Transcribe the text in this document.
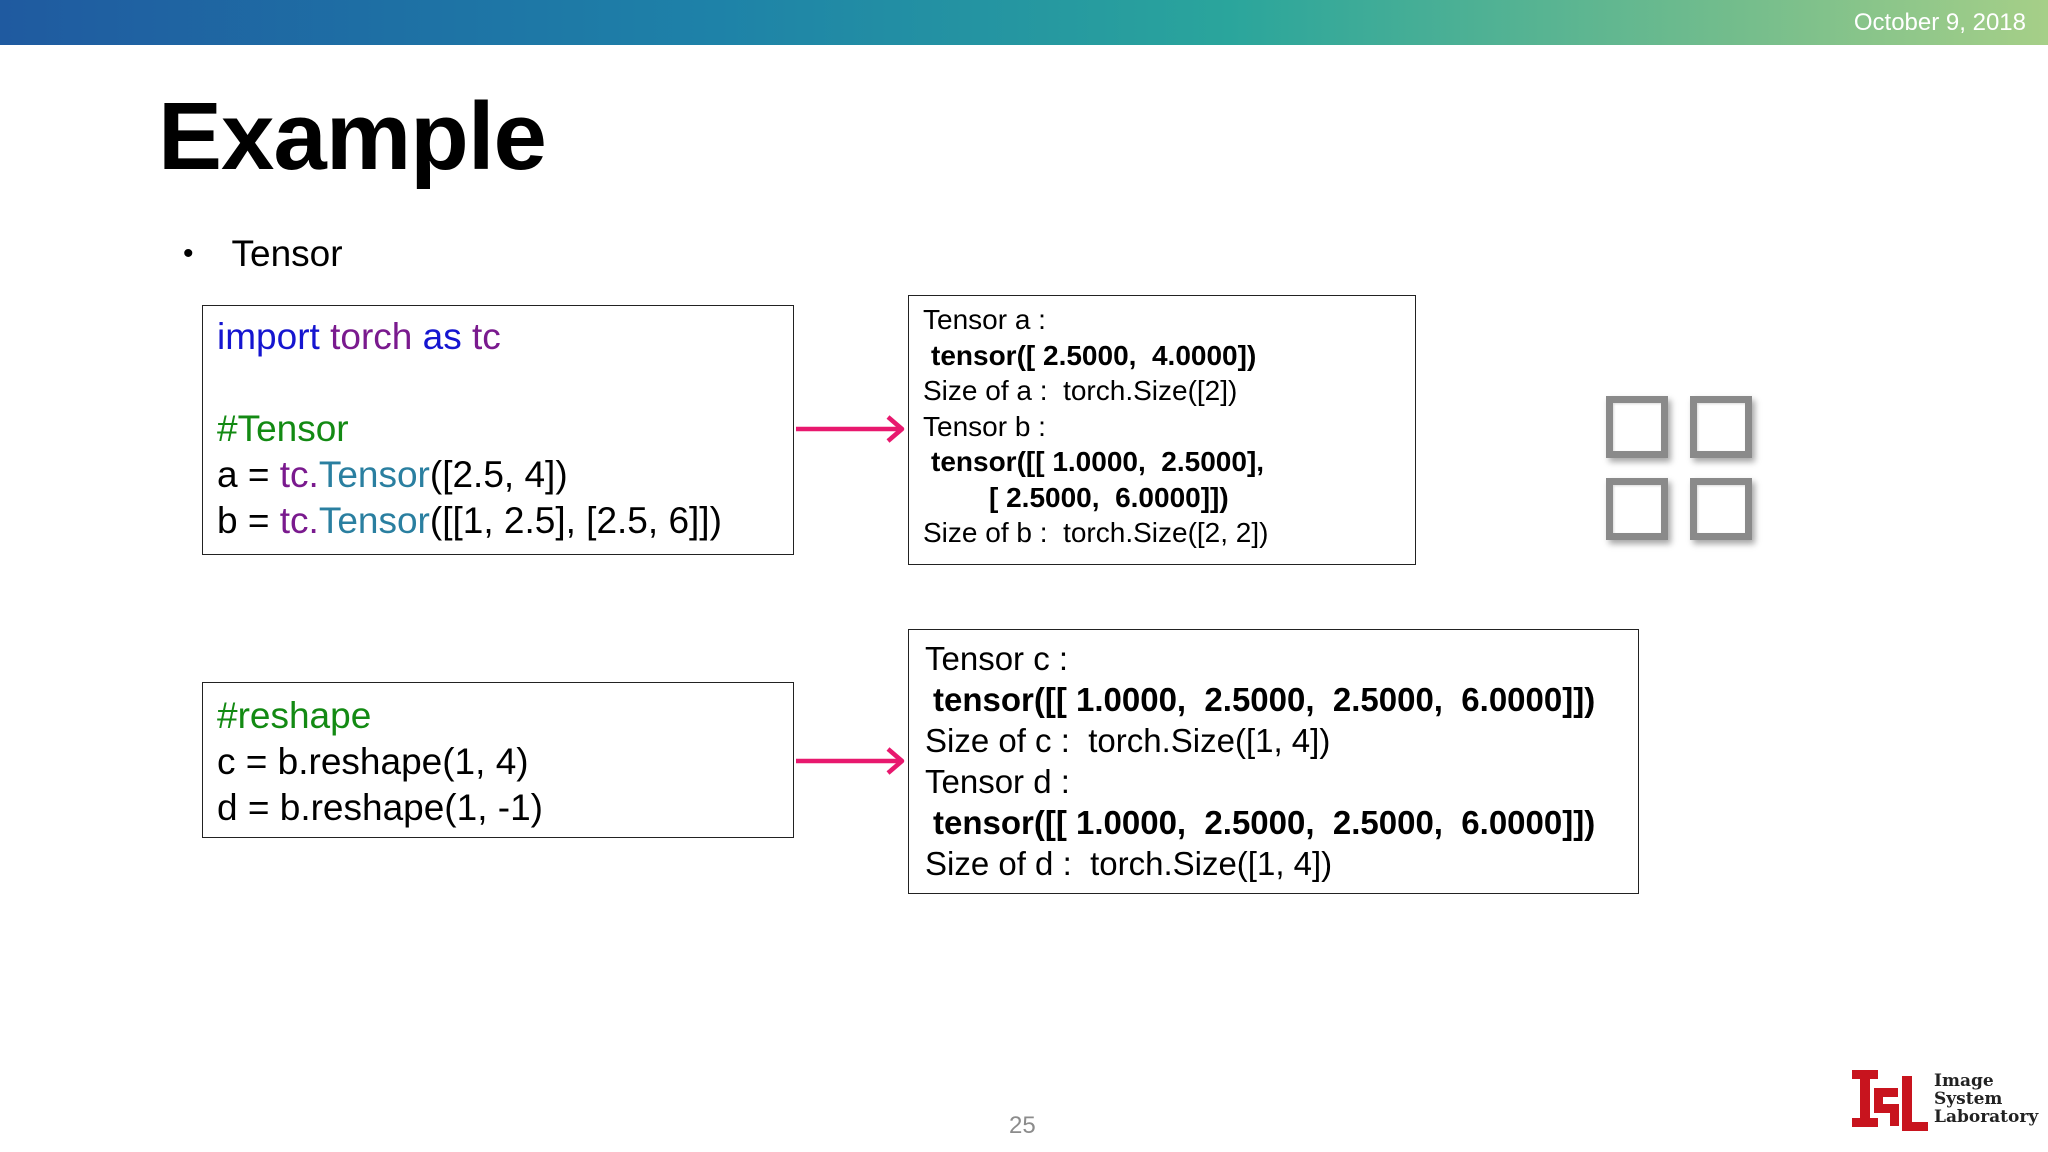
October 9, 2018
Example
• Tensor
import torch as tc
#Tensor
a = tc.Tensor([2.5, 4])
b = tc.Tensor([[1, 2.5], [2.5, 6]])
Tensor a :
tensor([ 2.5000,  4.0000])
Size of a :  torch.Size([2])
Tensor b :
tensor([[ 1.0000,  2.5000],
[ 2.5000,  6.0000]])
Size of b :  torch.Size([2, 2])
#reshape
c = b.reshape(1, 4)
d = b.reshape(1, -1)
Tensor c :
tensor([[ 1.0000,  2.5000,  2.5000,  6.0000]])
Size of c :  torch.Size([1, 4])
Tensor d :
tensor([[ 1.0000,  2.5000,  2.5000,  6.0000]])
Size of d :  torch.Size([1, 4])
25
Image
System
Laboratory
